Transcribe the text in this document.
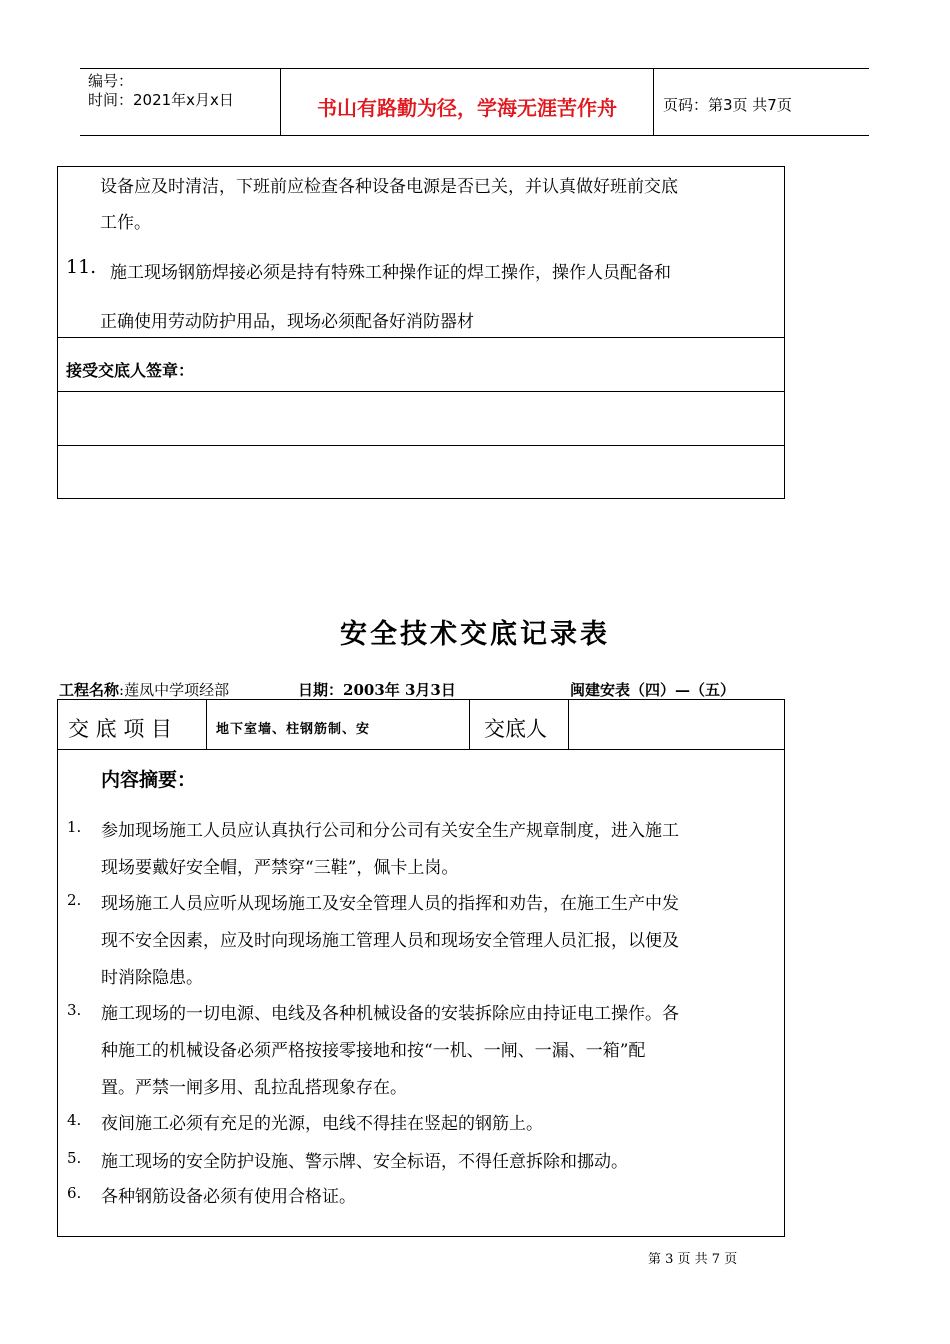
编号：
时间：2021年x月x日	书山有路勤为径，学海无涯苦作舟	页码：第3页 共7页
设备应及时清洁，下班前应检查各种设备电源是否已关，并认真做好班前交底
工作。
11. 施工现场钢筋焊接必须是持有特殊工种操作证的焊工操作，操作人员配备和
正确使用劳动防护用品，现场必须配备好消防器材
接受交底人签章：
安全技术交底记录表
工程名称:莲凤中学项经部	日期：2003年 3月3日	闽建安表（四）—（五）
交 底 项 目	地下室墙、柱钢筋制、安	交底人
内容摘要：
1. 参加现场施工人员应认真执行公司和分公司有关安全生产规章制度，进入施工
现场要戴好安全帽，严禁穿“三鞋”，佩卡上岗。
2. 现场施工人员应听从现场施工及安全管理人员的指挥和劝告，在施工生产中发
现不安全因素，应及时向现场施工管理人员和现场安全管理人员汇报，以便及
时消除隐患。
3. 施工现场的一切电源、电线及各种机械设备的安装拆除应由持证电工操作。各
种施工的机械设备必须严格按接零接地和按“一机、一闸、一漏、一箱”配
置。严禁一闸多用、乱拉乱搭现象存在。
4. 夜间施工必须有充足的光源，电线不得挂在竖起的钢筋上。
5. 施工现场的安全防护设施、警示牌、安全标语，不得任意拆除和挪动。
6. 各种钢筋设备必须有使用合格证。
第 3 页 共 7 页
